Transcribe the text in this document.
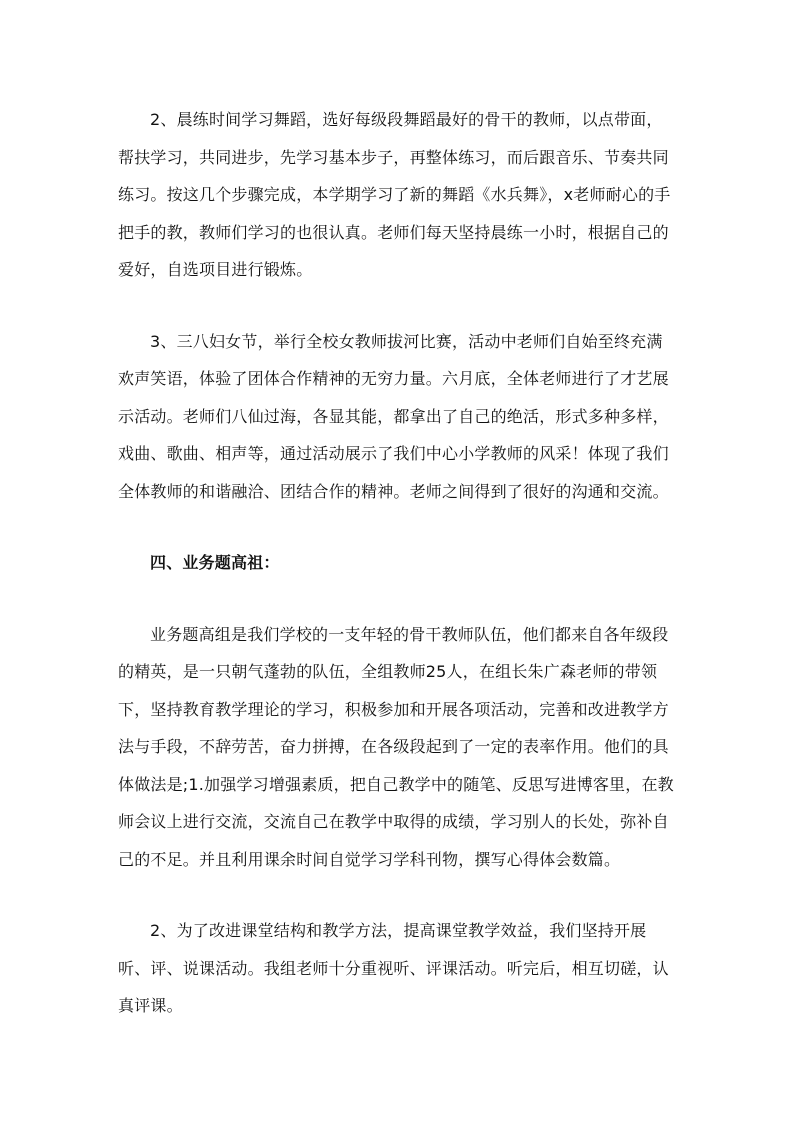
2、晨练时间学习舞蹈，选好每级段舞蹈最好的骨干的教师，以点带面，帮扶学习，共同进步，先学习基本步子，再整体练习，而后跟音乐、节奏共同练习。按这几个步骤完成，本学期学习了新的舞蹈《水兵舞》，x老师耐心的手把手的教，教师们学习的也很认真。老师们每天坚持晨练一小时，根据自己的爱好，自选项目进行锻炼。

3、三八妇女节，举行全校女教师拔河比赛，活动中老师们自始至终充满欢声笑语，体验了团体合作精神的无穷力量。六月底，全体老师进行了才艺展示活动。老师们八仙过海，各显其能，都拿出了自己的绝活，形式多种多样，戏曲、歌曲、相声等，通过活动展示了我们中心小学教师的风采！体现了我们全体教师的和谐融洽、团结合作的精神。老师之间得到了很好的沟通和交流。

四、业务题高祖：

业务题高组是我们学校的一支年轻的骨干教师队伍，他们都来自各年级段的精英，是一只朝气蓬勃的队伍，全组教师25人，在组长朱广森老师的带领下，坚持教育教学理论的学习，积极参加和开展各项活动，完善和改进教学方法与手段，不辞劳苦，奋力拼搏，在各级段起到了一定的表率作用。他们的具体做法是;1.加强学习增强素质，把自己教学中的随笔、反思写进博客里，在教师会议上进行交流，交流自己在教学中取得的成绩，学习别人的长处，弥补自己的不足。并且利用课余时间自觉学习学科刊物，撰写心得体会数篇。

2、为了改进课堂结构和教学方法，提高课堂教学效益，我们坚持开展听、评、说课活动。我组老师十分重视听、评课活动。听完后，相互切磋，认真评课。
